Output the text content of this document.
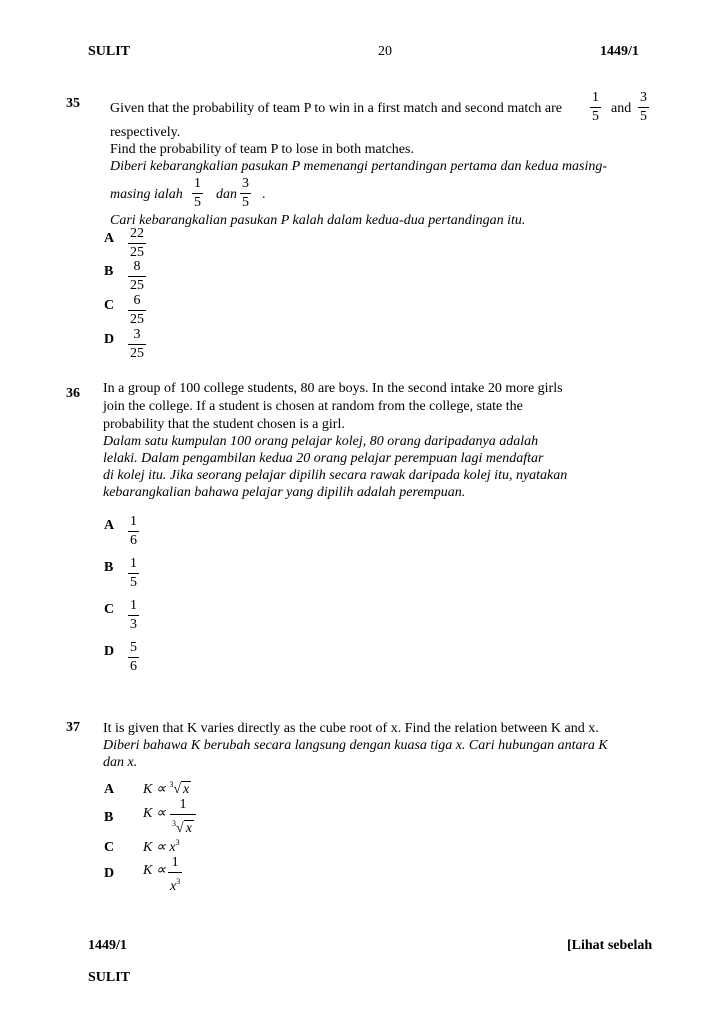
SULIT	20	1449/1
35 Given that the probability of team P to win in a first match and second match are
1
5
and
3
5
respectively.
Find the probability of team P to lose in both matches.
Diberi kebarangkalian pasukan P memenangi pertandingan pertama dan kedua masing-
masing ialah
1
5
dan
3
5
.
Cari kebarangkalian pasukan P kalah dalam kedua-dua pertandingan itu.
A 22
25
B	8
25
C	6
25
D	3
25
36 In a group of 100 college students, 80 are boys. In the second intake 20 more girls
join the college. If a student is chosen at random from the college, state the
probability that the student chosen is a girl.
Dalam satu kumpulan 100 orang pelajar kolej, 80 orang daripadanya adalah
lelaki. Dalam pengambilan kedua 20 orang pelajar perempuan lagi mendaftar
di kolej itu. Jika seorang pelajar dipilih secara rawak daripada kolej itu, nyatakan
kebarangkalian bahawa pelajar yang dipilih adalah perempuan.
A 1
6
B 1
5
C 1
3
D 5
6
37 It is given that K varies directly as the cube root of x. Find the relation between K and x.
Diberi bahawa K berubah secara langsung dengan kuasa tiga x. Cari hubungan antara K
dan x.
A K ∝ $^3$√ x
B K ∝
1
$^3$√ x
C $K \propto x^3$
D K ∝
1
$x^3$
1449/1	[Lihat sebelah
SULIT
